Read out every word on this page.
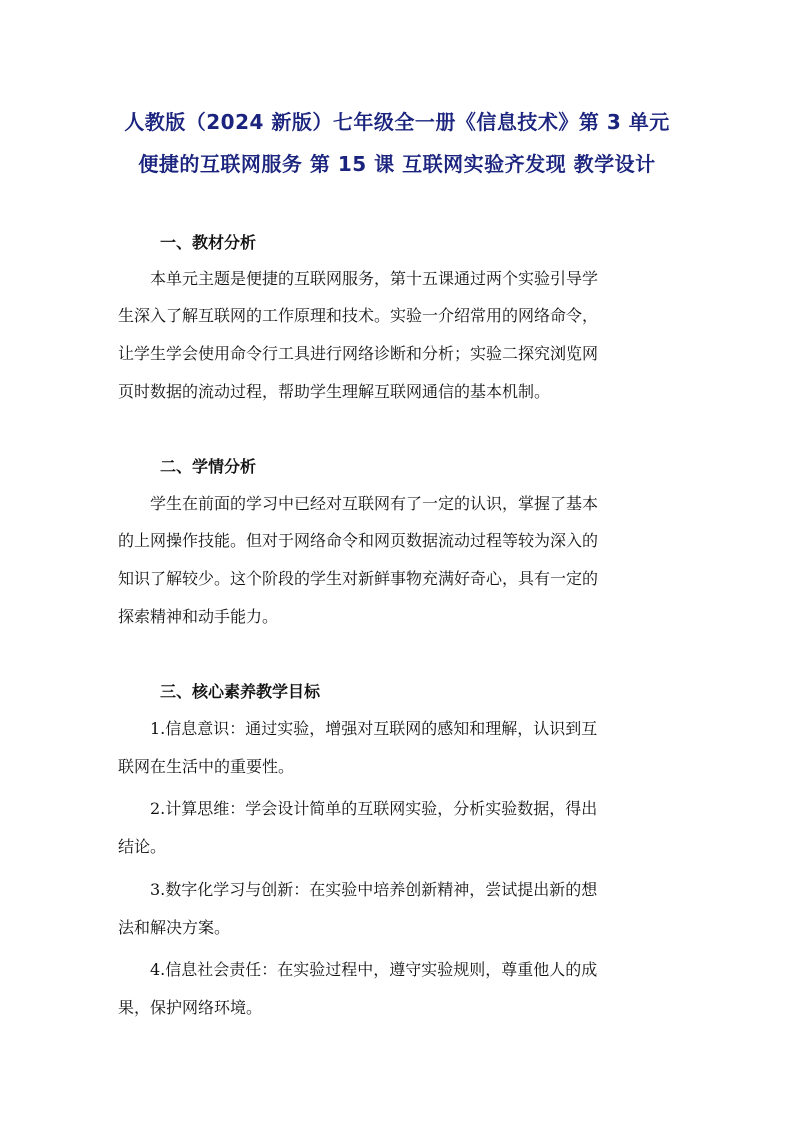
人教版（2024 新版）七年级全一册《信息技术》第 3 单元
便捷的互联网服务 第 15 课 互联网实验齐发现 教学设计
一、教材分析
本单元主题是便捷的互联网服务，第十五课通过两个实验引导学
生深入了解互联网的工作原理和技术。实验一介绍常用的网络命令，
让学生学会使用命令行工具进行网络诊断和分析；实验二探究浏览网
页时数据的流动过程，帮助学生理解互联网通信的基本机制。
二、学情分析
学生在前面的学习中已经对互联网有了一定的认识，掌握了基本
的上网操作技能。但对于网络命令和网页数据流动过程等较为深入的
知识了解较少。这个阶段的学生对新鲜事物充满好奇心，具有一定的
探索精神和动手能力。
三、核心素养教学目标
1.信息意识：通过实验，增强对互联网的感知和理解，认识到互
联网在生活中的重要性。
2.计算思维：学会设计简单的互联网实验，分析实验数据，得出
结论。
3.数字化学习与创新：在实验中培养创新精神，尝试提出新的想
法和解决方案。
4.信息社会责任：在实验过程中，遵守实验规则，尊重他人的成
果，保护网络环境。
